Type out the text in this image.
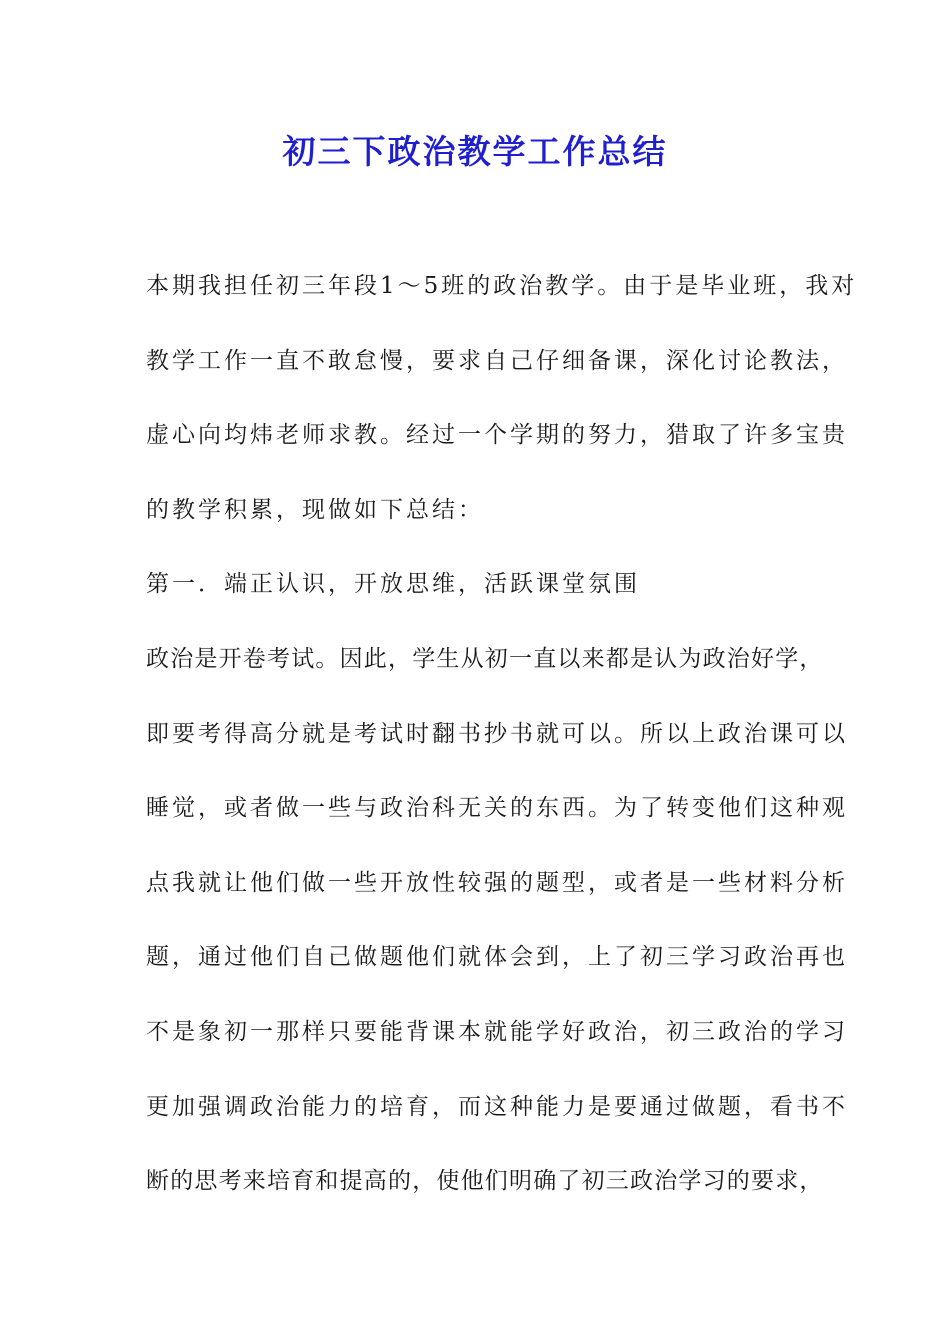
初三下政治教学工作总结
本期我担任初三年段1～5班的政治教学。由于是毕业班，我对
教学工作一直不敢怠慢，要求自己仔细备课，深化讨论教法，
虚心向均炜老师求教。经过一个学期的努力，猎取了许多宝贵
的教学积累，现做如下总结：
第一．端正认识，开放思维，活跃课堂氛围
政治是开卷考试。因此，学生从初一直以来都是认为政治好学，
即要考得高分就是考试时翻书抄书就可以。所以上政治课可以
睡觉，或者做一些与政治科无关的东西。为了转变他们这种观
点我就让他们做一些开放性较强的题型，或者是一些材料分析
题，通过他们自己做题他们就体会到，上了初三学习政治再也
不是象初一那样只要能背课本就能学好政治，初三政治的学习
更加强调政治能力的培育，而这种能力是要通过做题，看书不
断的思考来培育和提高的，使他们明确了初三政治学习的要求，
